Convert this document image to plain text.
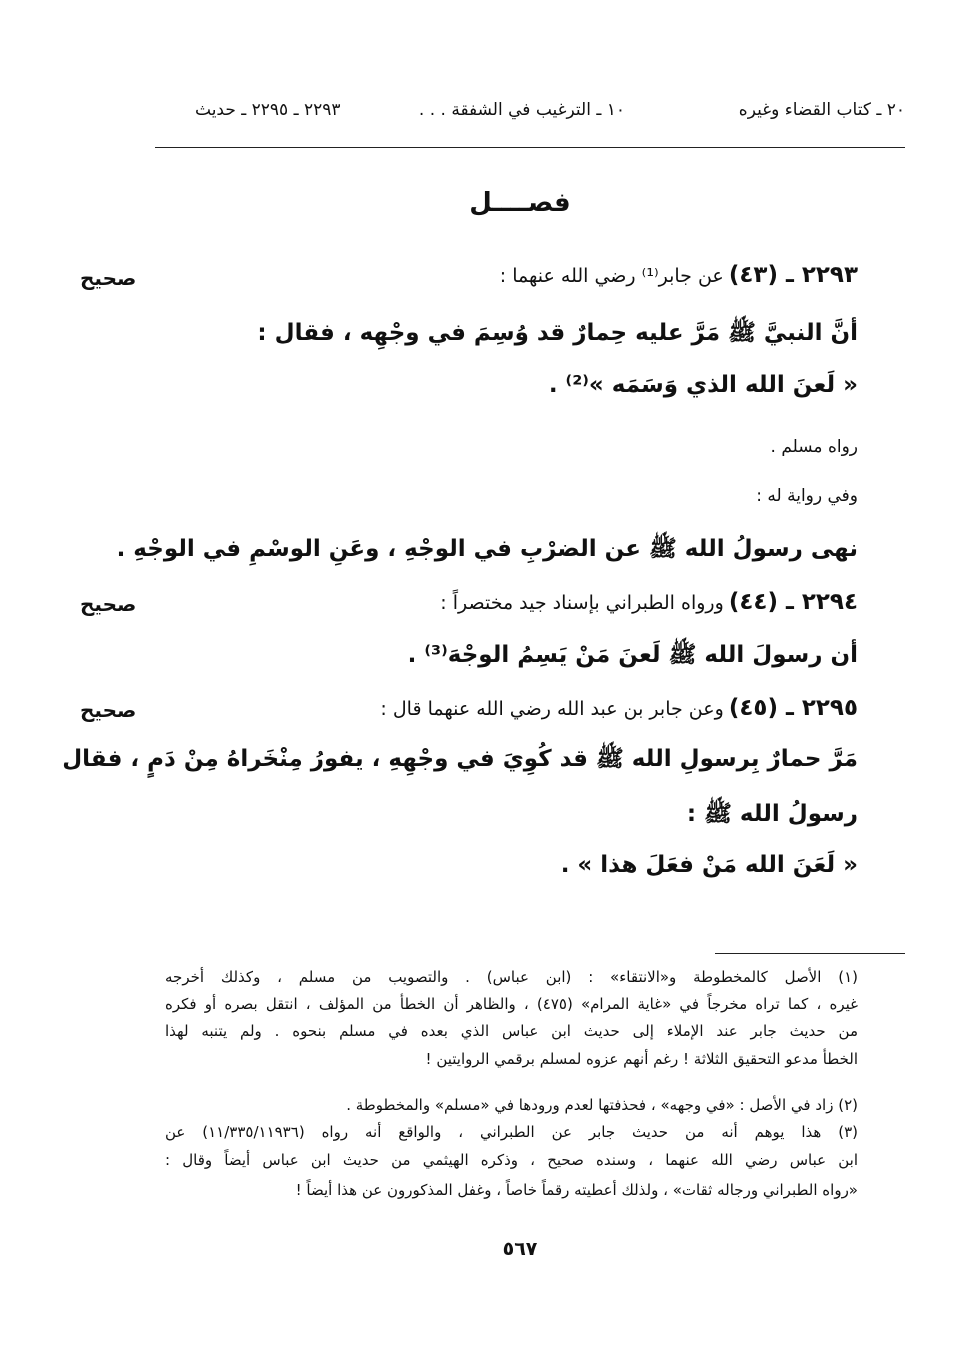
٢٠ ـ كتاب القضاء وغيره
١٠ ـ الترغيب في الشفقة . . .
٢٢٩٣ ـ ٢٢٩٥ ـ حديث
فصــــل
٢٢٩٣ ـ (٤٣) عن جابر⁽¹⁾ رضي الله عنهما :
صحيح
أنَّ النبيَّ ﷺ مَرَّ عليه حِمارٌ قد وُسِمَ في وجْهِه ، فقال :
« لَعنَ الله الذي وَسَمَه »⁽²⁾ .
رواه مسلم .
وفي رواية له :
نهى رسولُ الله ﷺ عن الضرْبِ في الوجْهِ ، وعَنِ الوسْمِ في الوجْهِ .
٢٢٩٤ ـ (٤٤) ورواه الطبراني بإسناد جيد مختصراً :
صحيح
أن رسولَ الله ﷺ لَعنَ مَنْ يَسِمُ الوجْهَ⁽³⁾ .
٢٢٩٥ ـ (٤٥) وعن جابر بن عبد الله رضي الله عنهما قال :
صحيح
مَرَّ حمارٌ بِرسولِ الله ﷺ قد كُوِيَ في وجْهِهِ ، يفورُ مِنْخَراهُ مِنْ دَمٍ ، فقال
رسولُ الله ﷺ :
« لَعَنَ الله مَنْ فعَلَ هذا » .
(١) الأصل كالمخطوطة و«الانتقاء» : (ابن عباس) . والتصويب من مسلم ، وكذلك أخرجه
غيره ، كما تراه مخرجاً في «غاية المرام» (٤٧٥) ، والظاهر أن الخطأ من المؤلف ، انتقل بصره أو فكره
من حديث جابر عند الإملاء إلى حديث ابن عباس الذي بعده في مسلم بنحوه . ولم يتنبه لهذا
الخطأ مدعو التحقيق الثلاثة ! رغم أنهم عزوه لمسلم برقمي الروايتين !
(٢) زاد في الأصل : «في وجهه» ، فحذفتها لعدم ورودها في «مسلم» والمخطوطة .
(٣) هذا يوهم أنه من حديث جابر عن الطبراني ، والواقع أنه رواه (١١/٣٣٥/١١٩٣٦) عن
ابن عباس رضي الله عنهما ، وسنده صحيح ، وذكره الهيثمي من حديث ابن عباس أيضاً وقال :
«رواه الطبراني ورجاله ثقات» ، ولذلك أعطيته رقماً خاصاً ، وغفل المذكورون عن هذا أيضاً !
٥٦٧
